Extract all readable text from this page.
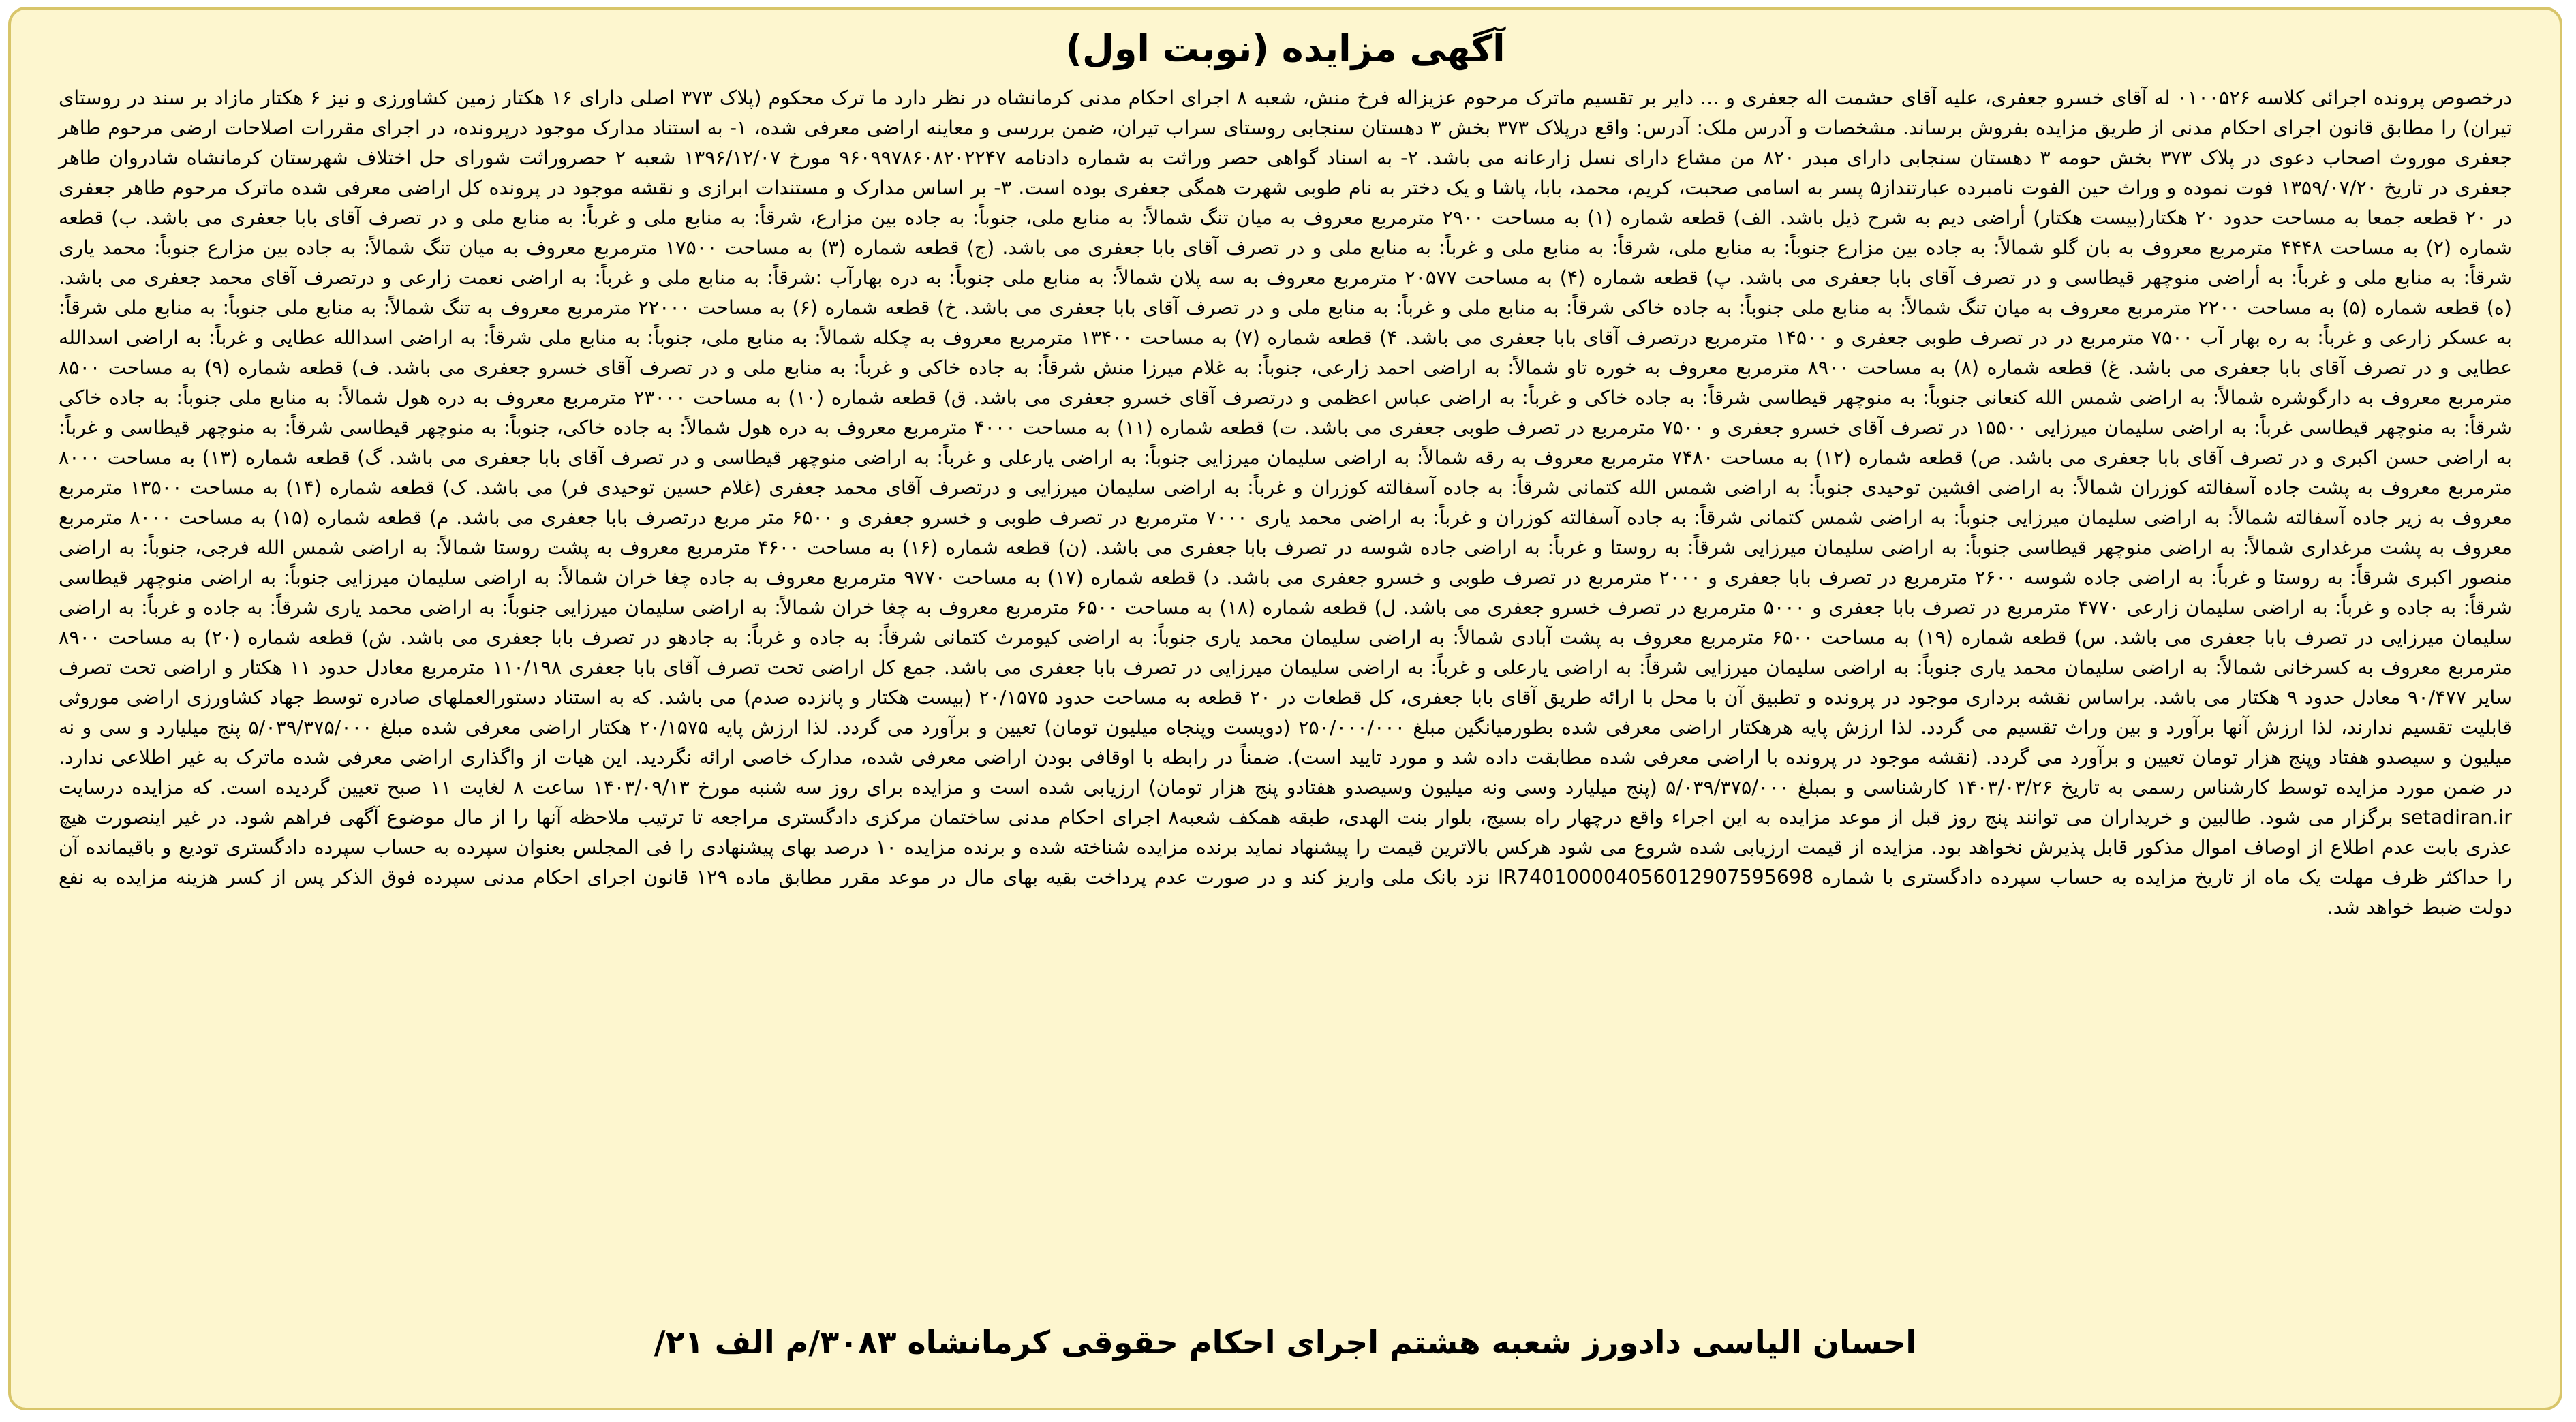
آگهی مزایده (نوبت اول)

درخصوص پرونده اجرائی کلاسه ۰۱۰۰۵۲۶ له آقای خسرو جعفری، علیه آقای حشمت اله جعفری و ... دایر بر تقسیم ماترک مرحوم عزیزاله فرخ منش، شعبه ۸ اجرای احکام مدنی کرمانشاه در نظر دارد ما ترک محکوم (پلاک ۳۷۳ اصلی دارای ۱۶ هکتار زمین کشاورزی و نیز ۶ هکتار مازاد بر سند در روستای تیران) را مطابق قانون اجرای احکام مدنی از طریق مزایده بفروش برساند. مشخصات و آدرس ملک: آدرس: واقع درپلاک ۳۷۳ بخش ۳ دهستان سنجابی روستای سراب تیران، ضمن بررسی و معاینه اراضی معرفی شده، ۱- به استناد مدارک موجود درپرونده، در اجرای مقررات اصلاحات ارضی مرحوم طاهر جعفری موروث اصحاب دعوی در پلاک ۳۷۳ بخش حومه ۳ دهستان سنجابی دارای مبدر ۸۲۰ من مشاع دارای نسل زارعانه می باشد. ۲- به اسناد گواهی حصر وراثت به شماره دادنامه ۹۶۰۹۹۷۸۶۰۸۲۰۲۲۴۷ مورخ ۱۳۹۶/۱۲/۰۷ شعبه ۲ حصروراثت شورای حل اختلاف شهرستان کرمانشاه شادروان طاهر جعفری در تاریخ ۱۳۵۹/۰۷/۲۰ فوت نموده و وراث حین الفوت نامبرده عبارتنداز۵ پسر به اسامی صحبت، کریم، محمد، بابا، پاشا و یک دختر به نام طوبی شهرت همگی جعفری بوده است. ۳- بر اساس مدارک و مستندات ابرازی و نقشه موجود در پرونده کل اراضی معرفی شده ماترک مرحوم طاهر جعفری در ۲۰ قطعه جمعا به مساحت حدود ۲۰ هکتار(بیست هکتار) أراضی دیم به شرح ذیل باشد. الف) قطعه شماره (۱) به مساحت ۲۹۰۰ مترمربع معروف به میان تنگ شمالاً: به منابع ملی، جنوباً: به جاده بین مزارع، شرقاً: به منابع ملی و غرباً: به منابع ملی و در تصرف آقای بابا جعفری می باشد. ب) قطعه شماره (۲) به مساحت ۴۴۴۸ مترمربع معروف به بان گلو شمالاً: به جاده بین مزارع جنوباً: به منابع ملی، شرقاً: به منابع ملی و غرباً: به منابع ملی و در تصرف آقای بابا جعفری می باشد. (ج) قطعه شماره (۳) به مساحت ۱۷۵۰۰ مترمربع معروف به میان تنگ شمالاً: به جاده بین مزارع جنوباً: محمد یاری شرقاً: به منابع ملی و غرباً: به أراضی منوچهر قیطاسی و در تصرف آقای بابا جعفری می باشد. پ) قطعه شماره (۴) به مساحت ۲۰۵۷۷ مترمربع معروف به سه پلان شمالاً: به منابع ملی جنوباً: به دره بهارآب :شرقاً: به منابع ملی و غرباً: به اراضی نعمت زارعی و درتصرف آقای محمد جعفری می باشد. (ه) قطعه شماره (۵) به مساحت ۲۲۰۰ مترمربع معروف به میان تنگ شمالاً: به منابع ملی جنوباً: به جاده خاکی شرقاً: به منابع ملی و غرباً: به منابع ملی و در تصرف آقای بابا جعفری می باشد. خ) قطعه شماره (۶) به مساحت ۲۲۰۰۰ مترمربع معروف به تنگ شمالاً: به منابع ملی جنوباً: به منابع ملی شرقاً: به عسکر زارعی و غرباً: به ره بهار آب ۷۵۰۰ مترمربع در در تصرف طوبی جعفری و ۱۴۵۰۰ مترمربع درتصرف آقای بابا جعفری می باشد. ۴) قطعه شماره (۷) به مساحت ۱۳۴۰۰ مترمربع معروف به چکله شمالاً: به منابع ملی، جنوباً: به منابع ملی شرقاً: به اراضی اسدالله عطایی و غرباً: به اراضی اسدالله عطایی و در تصرف آقای بابا جعفری می باشد. غ) قطعه شماره (۸) به مساحت ۸۹۰۰ مترمربع معروف به خوره تاو شمالاً: به اراضی احمد زارعی، جنوباً: به غلام میرزا منش شرقاً: به جاده خاکی و غرباً: به منابع ملی و در تصرف آقای خسرو جعفری می باشد. ف) قطعه شماره (۹) به مساحت ۸۵۰۰ مترمربع معروف به دارگوشره شمالاً: به اراضی شمس الله کنعانی جنوباً: به منوچهر قیطاسی شرقاً: به جاده خاکی و غرباً: به اراضی عباس اعظمی و درتصرف آقای خسرو جعفری می باشد. ق) قطعه شماره (۱۰) به مساحت ۲۳۰۰۰ مترمربع معروف به دره هول شمالاً: به منابع ملی جنوباً: به جاده خاکی شرقاً: به منوچهر قیطاسی غرباً: به اراضی سلیمان میرزایی ۱۵۵۰۰ در تصرف آقای خسرو جعفری و ۷۵۰۰ مترمربع در تصرف طوبی جعفری می باشد. ت) قطعه شماره (۱۱) به مساحت ۴۰۰۰ مترمربع معروف به دره هول شمالاً: به جاده خاکی، جنوباً: به منوچهر قیطاسی شرقاً: به منوچهر قیطاسی و غرباً: به اراضی حسن اکبری و در تصرف آقای بابا جعفری می باشد. ص) قطعه شماره (۱۲) به مساحت ۷۴۸۰ مترمربع معروف به رقه شمالاً: به اراضی سلیمان میرزایی جنوباً: به اراضی یارعلی و غرباً: به اراضی منوچهر قیطاسی و در تصرف آقای بابا جعفری می باشد. گ) قطعه شماره (۱۳) به مساحت ۸۰۰۰ مترمربع معروف به پشت جاده آسفالته کوزران شمالاً: به اراضی افشین توحیدی جنوباً: به اراضی شمس الله کتمانی شرقاً: به جاده آسفالته کوزران و غرباً: به اراضی سلیمان میرزایی و درتصرف آقای محمد جعفری (غلام حسین توحیدی فر) می باشد. ک) قطعه شماره (۱۴) به مساحت ۱۳۵۰۰ مترمربع معروف به زیر جاده آسفالته شمالاً: به اراضی سلیمان میرزایی جنوباً: به اراضی شمس کتمانی شرقاً: به جاده آسفالته کوزران و غرباً: به اراضی محمد یاری ۷۰۰۰ مترمربع در تصرف طوبی و خسرو جعفری و ۶۵۰۰ متر مربع درتصرف بابا جعفری می باشد. م) قطعه شماره (۱۵) به مساحت ۸۰۰۰ مترمربع معروف به پشت مرغداری شمالاً: به اراضی منوچهر قیطاسی جنوباً: به اراضی سلیمان میرزایی شرقاً: به روستا و غرباً: به اراضی جاده شوسه در تصرف بابا جعفری می باشد. (ن) قطعه شماره (۱۶) به مساحت ۴۶۰۰ مترمربع معروف به پشت روستا شمالاً: به اراضی شمس الله فرجی، جنوباً: به اراضی منصور اکبری شرقاً: به روستا و غرباً: به اراضی جاده شوسه ۲۶۰۰ مترمربع در تصرف بابا جعفری و ۲۰۰۰ مترمربع در تصرف طوبی و خسرو جعفری می باشد. د) قطعه شماره (۱۷) به مساحت ۹۷۷۰ مترمربع معروف به جاده چغا خران شمالاً: به اراضی سلیمان میرزایی جنوباً: به اراضی منوچهر قیطاسی شرقاً: به جاده و غرباً: به اراضی سلیمان زارعی ۴۷۷۰ مترمربع در تصرف بابا جعفری و ۵۰۰۰ مترمربع در تصرف خسرو جعفری می باشد. ل) قطعه شماره (۱۸) به مساحت ۶۵۰۰ مترمربع معروف به چغا خران شمالاً: به اراضی سلیمان میرزایی جنوباً: به اراضی محمد یاری شرقاً: به جاده و غرباً: به اراضی سلیمان میرزایی در تصرف بابا جعفری می باشد. س) قطعه شماره (۱۹) به مساحت ۶۵۰۰ مترمربع معروف به پشت آبادی شمالاً: به اراضی سلیمان محمد یاری جنوباً: به اراضی کیومرث کتمانی شرقاً: به جاده و غرباً: به جادهو در تصرف بابا جعفری می باشد. ش) قطعه شماره (۲۰) به مساحت ۸۹۰۰ مترمربع معروف به کسرخانی شمالاً: به اراضی سلیمان محمد یاری جنوباً: به اراضی سلیمان میرزایی شرقاً: به اراضی یارعلی و غرباً: به اراضی سلیمان میرزایی در تصرف بابا جعفری می باشد. جمع کل اراضی تحت تصرف آقای بابا جعفری ۱۱۰/۱۹۸ مترمربع معادل حدود ۱۱ هکتار و اراضی تحت تصرف سایر ۹۰/۴۷۷ معادل حدود ۹ هکتار می باشد. براساس نقشه برداری موجود در پرونده و تطبیق آن با محل با ارائه طریق آقای بابا جعفری، کل قطعات در ۲۰ قطعه به مساحت حدود ۲۰/۱۵۷۵ (بیست هکتار و پانزده صدم) می باشد. که به استناد دستورالعملهای صادره توسط جهاد کشاورزی اراضی موروثی قابلیت تقسیم ندارند، لذا ارزش آنها برآورد و بین وراث تقسیم می گردد. لذا ارزش پایه هرهکتار اراضی معرفی شده بطورمیانگین مبلغ ۲۵۰/۰۰۰/۰۰۰ (دویست وپنجاه میلیون تومان) تعیین و برآورد می گردد. لذا ارزش پایه ۲۰/۱۵۷۵ هکتار اراضی معرفی شده مبلغ ۵/۰۳۹/۳۷۵/۰۰۰ پنج میلیارد و سی و نه میلیون و سیصدو هفتاد وپنج هزار تومان تعیین و برآورد می گردد. (نقشه موجود در پرونده با اراضی معرفی شده مطابقت داده شد و مورد تایید است). ضمناً در رابطه با اوقافی بودن اراضی معرفی شده، مدارک خاصی ارائه نگردید. این هیات از واگذاری اراضی معرفی شده ماترک به غیر اطلاعی ندارد. در ضمن مورد مزایده توسط کارشناس رسمی به تاریخ ۱۴۰۳/۰۳/۲۶ کارشناسی و بمبلغ ۵/۰۳۹/۳۷۵/۰۰۰ (پنج میلیارد وسی ونه میلیون وسیصدو هفتادو پنج هزار تومان) ارزیابی شده است و مزایده برای روز سه شنبه مورخ ۱۴۰۳/۰۹/۱۳ ساعت ۸ لغایت ۱۱ صبح تعیین گردیده است. که مزایده درسایت setadiran.ir برگزار می شود. طالبین و خریداران می توانند پنج روز قبل از موعد مزایده به این اجراء واقع درچهار راه بسیج، بلوار بنت الهدی، طبقه همکف شعبه۸ اجرای احکام مدنی ساختمان مرکزی دادگستری مراجعه تا ترتیب ملاحظه آنها را از مال موضوع آگهی فراهم شود. در غیر اینصورت هیچ عذری بابت عدم اطلاع از اوصاف اموال مذکور قابل پذیرش نخواهد بود. مزایده از قیمت ارزیابی شده شروع می شود هرکس بالاترین قیمت را پیشنهاد نماید برنده مزایده شناخته شده و برنده مزایده ۱۰ درصد بهای پیشنهادی را فی المجلس بعنوان سپرده به حساب سپرده دادگستری تودیع و باقیمانده آن را حداکثر ظرف مهلت یک ماه از تاریخ مزایده به حساب سپرده دادگستری با شماره IR740100004056012907595698 نزد بانک ملی واریز کند و در صورت عدم پرداخت بقیه بهای مال در موعد مقرر مطابق ماده ۱۲۹ قانون اجرای احکام مدنی سپرده فوق الذکر پس از کسر هزینه مزایده به نفع دولت ضبط خواهد شد.

احسان الیاسی دادورز شعبه هشتم اجرای احکام حقوقی کرمانشاه ۳۰۸۳/م الف ۲۱/
